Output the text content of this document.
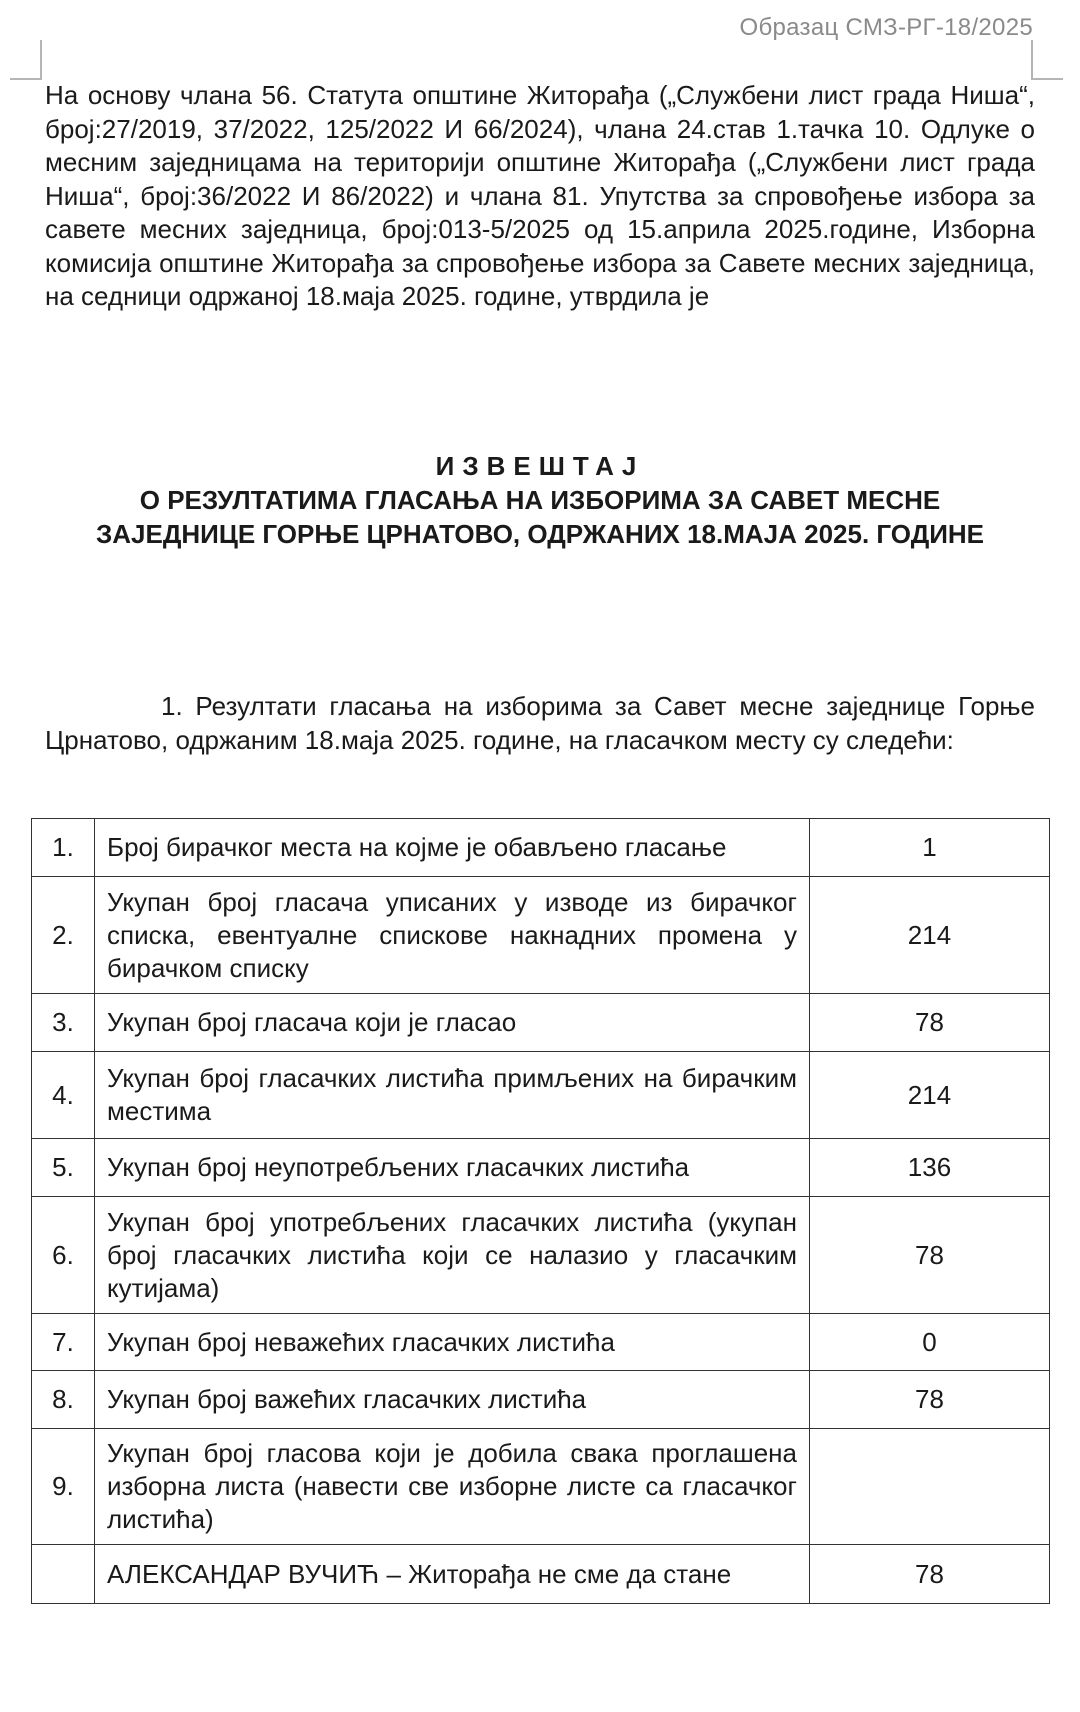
Образац СМЗ-РГ-18/2025

На основу члана 56. Статута општине Житорађа („Службени лист града Ниша“, број:27/2019, 37/2022, 125/2022 И 66/2024), члана 24.став 1.тачка 10. Одлуке о месним заједницама на територији општине Житорађа („Службени лист града Ниша“, број:36/2022 И 86/2022) и члана 81. Упутства за спровођење избора за савете месних заједница, број:013-5/2025 од 15.априла 2025.године, Изборна комисија општине Житорађа за спровођење избора за Савете месних заједница, на седници одржаној 18.маја 2025. године, утврдила је

ИЗВЕШТАЈ
О РЕЗУЛТАТИМА ГЛАСАЊА НА ИЗБОРИМА ЗА САВЕТ МЕСНЕ
ЗАЈЕДНИЦЕ ГОРЊЕ ЦРНАТОВО, ОДРЖАНИХ 18.МАЈА 2025. ГОДИНЕ

1. Резултати гласања на изборима за Савет месне заједнице Горње Црнатово, одржаним 18.маја 2025. године, на гласачком месту су следећи:

1.	Број бирачког места на којме је обављено гласање	1
2.	Укупан број гласача уписаних у изводе из бирачког списка, евентуалне спискове накнадних промена у бирачком списку	214
3.	Укупан број гласача који је гласао	78
4.	Укупан број гласачких листића примљених на бирачким местима	214
5.	Укупан број неупотребљених гласачких листића	136
6.	Укупан број употребљених гласачких листића (укупан број гласачких листића који се налазио у гласачким кутијама)	78
7.	Укупан број неважећих гласачких листића	0
8.	Укупан број важећих гласачких листића	78
9.	Укупан број гласова који је добила свака проглашена изборна листа (навести све изборне листе са гласачког листића)	
	АЛЕКСАНДАР ВУЧИЋ – Житорађа не сме да стане	78
